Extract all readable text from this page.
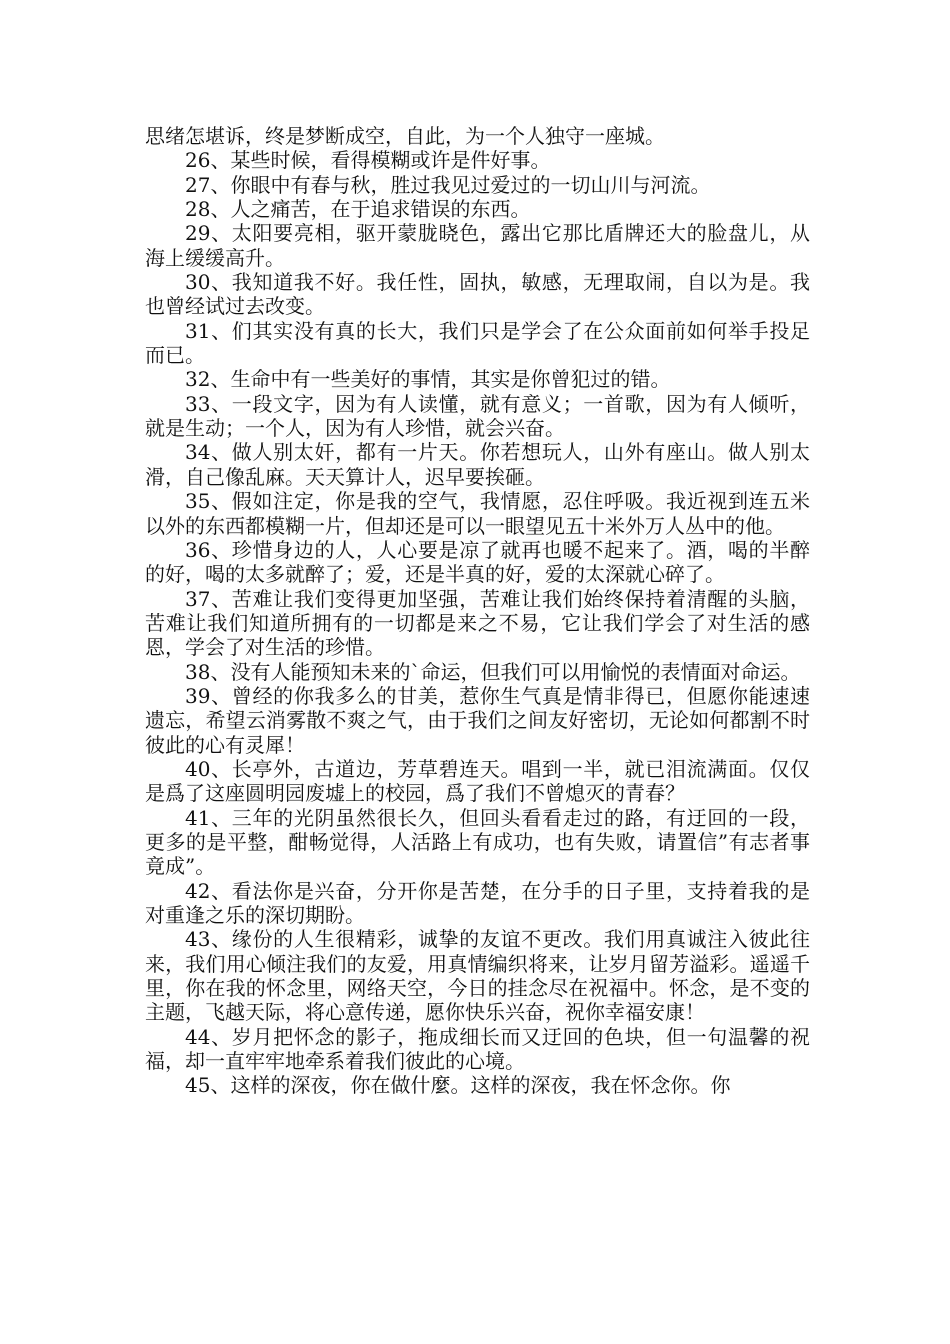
思绪怎堪诉，终是梦断成空，自此，为一个人独守一座城。

26、某些时候，看得模糊或许是件好事。

27、你眼中有春与秋，胜过我见过爱过的一切山川与河流。

28、人之痛苦，在于追求错误的东西。

29、太阳要亮相，驱开蒙胧晓色，露出它那比盾牌还大的脸盘儿，从海上缓缓高升。

30、我知道我不好。我任性，固执，敏感，无理取闹，自以为是。我也曾经试过去改变。

31、们其实没有真的长大，我们只是学会了在公众面前如何举手投足而已。

32、生命中有一些美好的事情，其实是你曾犯过的错。

33、一段文字，因为有人读懂，就有意义；一首歌，因为有人倾听，就是生动；一个人，因为有人珍惜，就会兴奋。

34、做人别太奸，都有一片天。你若想玩人，山外有座山。做人别太滑，自己像乱麻。天天算计人，迟早要挨砸。

35、假如注定，你是我的空气，我情愿，忍住呼吸。我近视到连五米以外的东西都模糊一片，但却还是可以一眼望见五十米外万人丛中的他。

36、珍惜身边的人，人心要是凉了就再也暖不起来了。酒，喝的半醉的好，喝的太多就醉了；爱，还是半真的好，爱的太深就心碎了。

37、苦难让我们变得更加坚强，苦难让我们始终保持着清醒的头脑，苦难让我们知道所拥有的一切都是来之不易，它让我们学会了对生活的感恩，学会了对生活的珍惜。

38、没有人能预知未来的`命运，但我们可以用愉悦的表情面对命运。

39、曾经的你我多么的甘美，惹你生气真是情非得已，但愿你能速速遗忘，希望云消雾散不爽之气，由于我们之间友好密切，无论如何都割不时彼此的心有灵犀！

40、长亭外，古道边，芳草碧连天。唱到一半，就已泪流满面。仅仅是爲了这座圆明园废墟上的校园，爲了我们不曾熄灭的青春？

41、三年的光阴虽然很长久，但回头看看走过的路，有迂回的一段，更多的是平整，酣畅觉得，人活路上有成功，也有失败，请置信”有志者事竟成”。

42、看法你是兴奋，分开你是苦楚，在分手的日子里，支持着我的是对重逢之乐的深切期盼。

43、缘份的人生很精彩，诚挚的友谊不更改。我们用真诚注入彼此往来，我们用心倾注我们的友爱，用真情编织将来，让岁月留芳溢彩。遥遥千里，你在我的怀念里，网络天空，今日的挂念尽在祝福中。怀念，是不变的主题，飞越天际，将心意传递，愿你快乐兴奋，祝你幸福安康！

44、岁月把怀念的影子，拖成细长而又迂回的色块，但一句温馨的祝福，却一直牢牢地牵系着我们彼此的心境。

45、这样的深夜，你在做什麼。这样的深夜，我在怀念你。你
